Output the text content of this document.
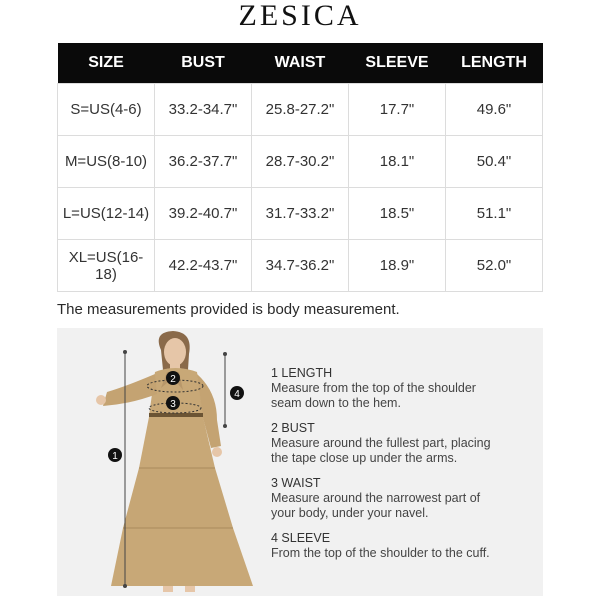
ZESICA
SIZE	BUST	WAIST	SLEEVE	LENGTH
S=US(4-6)	33.2-34.7"	25.8-27.2"	17.7"	49.6"
M=US(8-10)	36.2-37.7"	28.7-30.2"	18.1"	50.4"
L=US(12-14)	39.2-40.7"	31.7-33.2"	18.5"	51.1"
XL=US(16-18)	42.2-43.7"	34.7-36.2"	18.9"	52.0"
The measurements provided is body measurement.
1
2
3
4
1 LENGTH
Measure from the top of the shoulder
seam down to the hem.
2 BUST
Measure around the fullest part, placing
the tape close up under the arms.
3 WAIST
Measure around the narrowest part of
your body, under your navel.
4 SLEEVE
From the top of the shoulder to the cuff.
